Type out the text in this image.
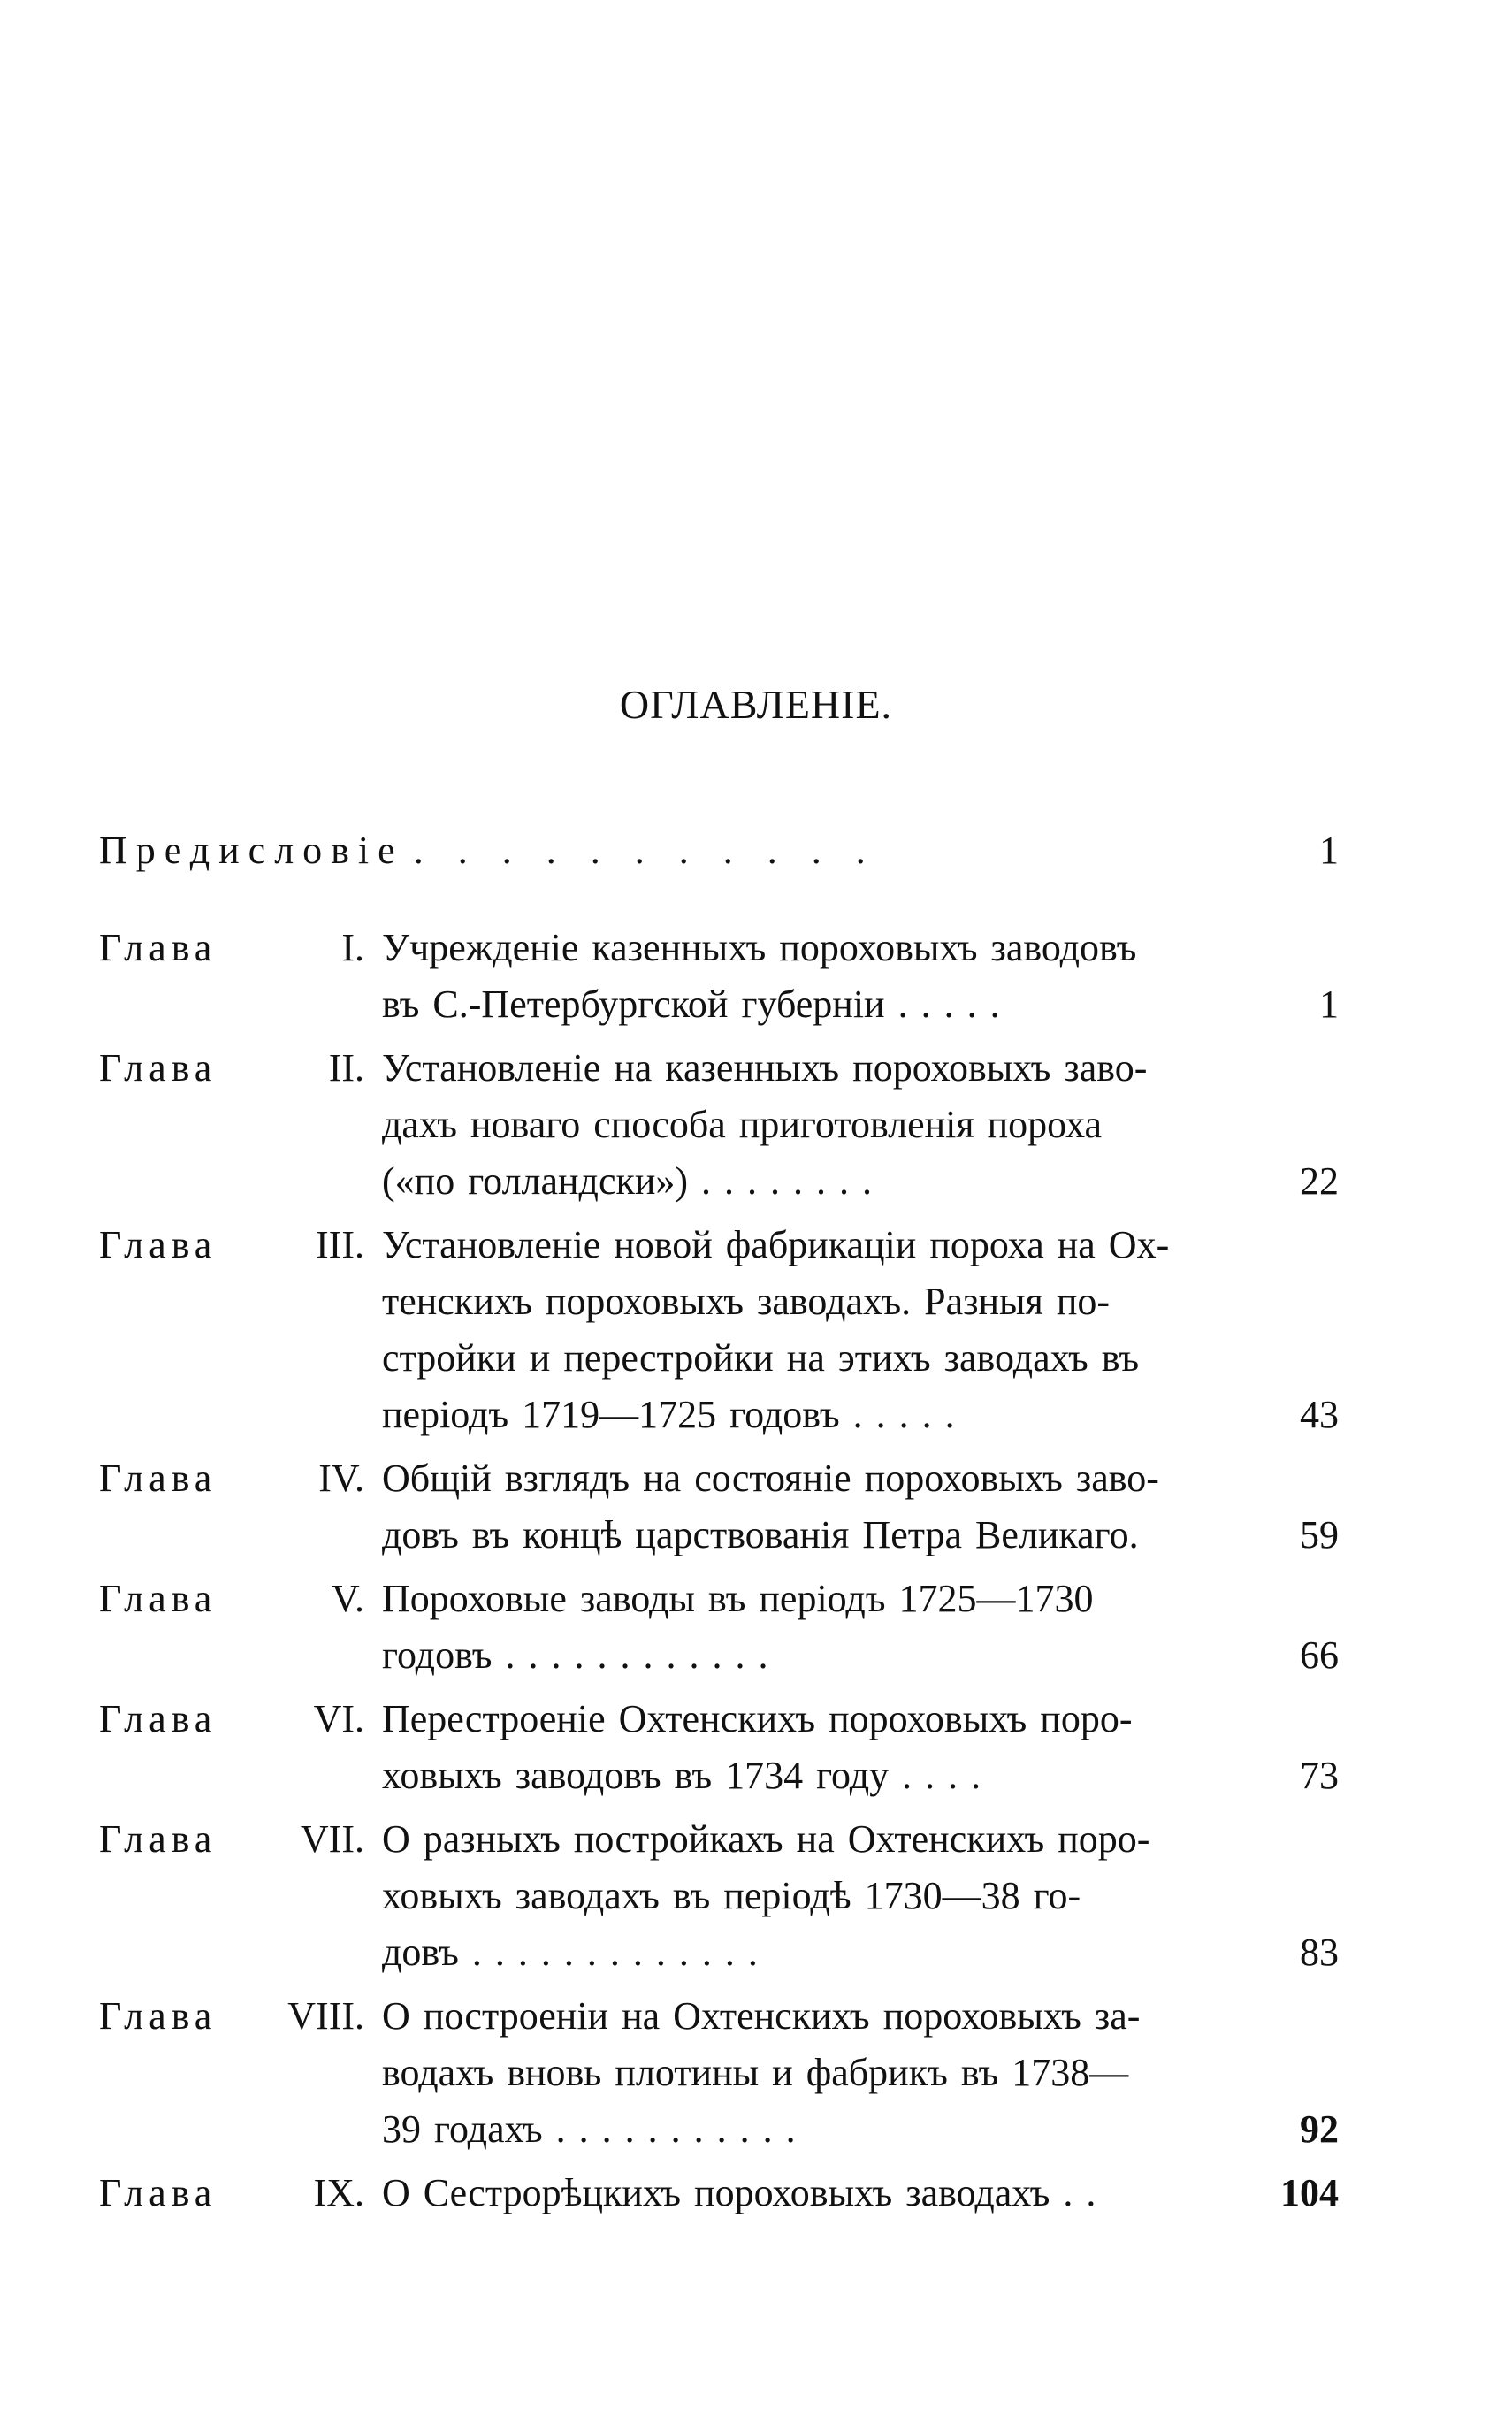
ОГЛАВЛЕНІЕ.
Предисловіе . . . . . . . . . . .	1
Глава	I. Учрежденіе казенныхъ пороховыхъ заводовъ
въ С.-Петербургской губерніи . . . . .	1
Глава	II. Установленіе на казенныхъ пороховыхъ заво-
дахъ новаго способа приготовленія пороха
(«по голландски») . . . . . . . .	22
Глава	III. Установленіе новой фабрикаціи пороха на Ох-
тенскихъ пороховыхъ заводахъ. Разныя по-
стройки и перестройки на этихъ заводахъ въ
періодъ 1719—1725 годовъ . . . . .	43
Глава	IV. Общій взглядъ на состояніе пороховыхъ заво-
довъ въ концѣ царствованія Петра Великаго.	59
Глава	V. Пороховые заводы въ періодъ 1725—1730
годовъ . . . . . . . . . . . .	66
Глава	VI. Перестроеніе Охтенскихъ пороховыхъ поро-
ховыхъ заводовъ въ 1734 году . . . .	73
Глава	VII. О разныхъ постройкахъ на Охтенскихъ поро-
ховыхъ заводахъ въ періодѣ 1730—38 го-
довъ . . . . . . . . . . . . .	83
Глава	VIII. О построеніи на Охтенскихъ пороховыхъ за-
водахъ вновь плотины и фабрикъ въ 1738—
39 годахъ . . . . . . . . . . .	92
Глава	IX. О Сестрорѣцкихъ пороховыхъ заводахъ . .	104
